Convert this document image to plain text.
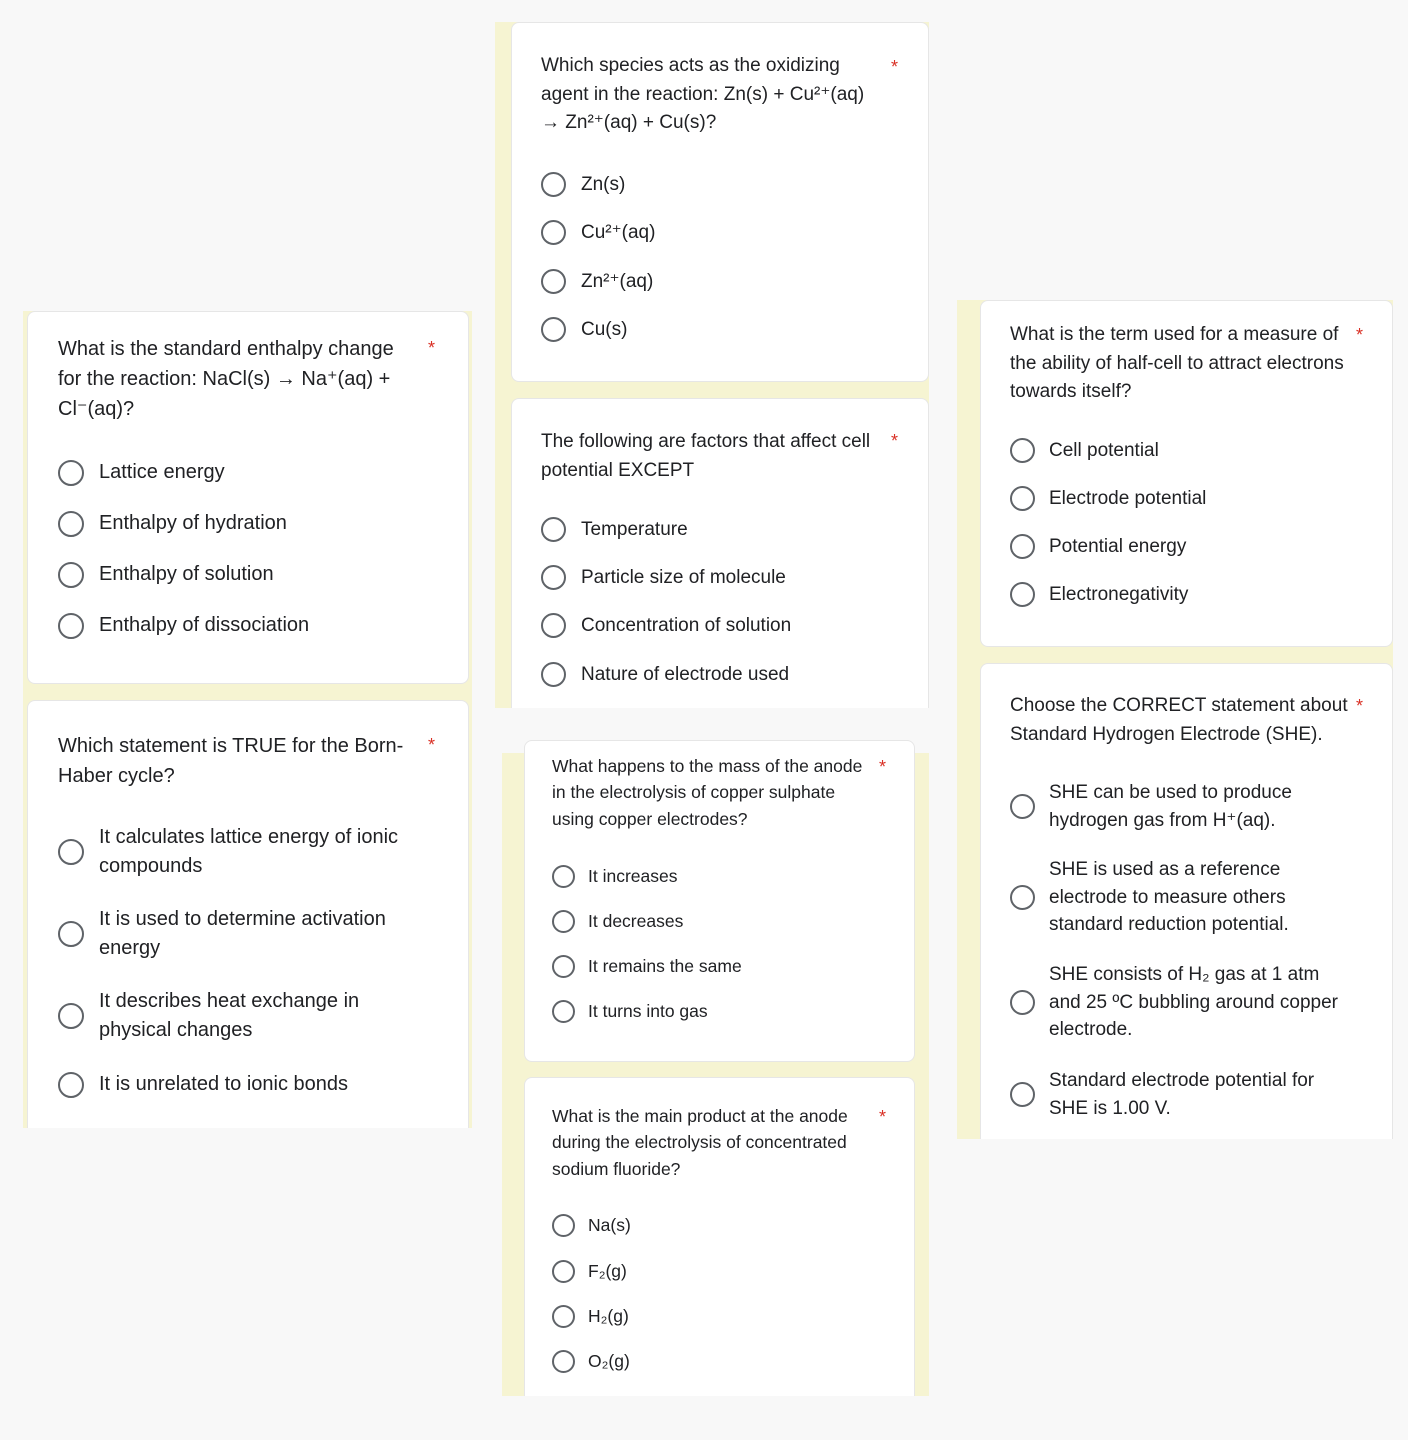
Which species acts as the oxidizing agent in the reaction: Zn(s) + Cu²⁺(aq) → Zn²⁺(aq) + Cu(s)?
*
Zn(s)
Cu²⁺(aq)
Zn²⁺(aq)
Cu(s)
What is the standard enthalpy change for the reaction: NaCl(s) → Na⁺(aq) + Cl⁻(aq)?
*
Lattice energy
Enthalpy of hydration
Enthalpy of solution
Enthalpy of dissociation
The following are factors that affect cell potential EXCEPT
*
Temperature
Particle size of molecule
Concentration of solution
Nature of electrode used
What is the term used for a measure of the ability of half-cell to attract electrons towards itself?
*
Cell potential
Electrode potential
Potential energy
Electronegativity
Which statement is TRUE for the Born-Haber cycle?
*
It calculates lattice energy of ionic compounds
It is used to determine activation energy
It describes heat exchange in physical changes
It is unrelated to ionic bonds
Choose the CORRECT statement about Standard Hydrogen Electrode (SHE).
*
SHE can be used to produce hydrogen gas from H⁺(aq).
SHE is used as a reference electrode to measure others standard reduction potential.
SHE consists of H₂ gas at 1 atm and 25 ºC bubbling around copper electrode.
Standard electrode potential for SHE is 1.00 V.
What happens to the mass of the anode in the electrolysis of copper sulphate using copper electrodes?
*
It increases
It decreases
It remains the same
It turns into gas
What is the main product at the anode during the electrolysis of concentrated sodium fluoride?
*
Na(s)
F₂(g)
H₂(g)
O₂(g)
